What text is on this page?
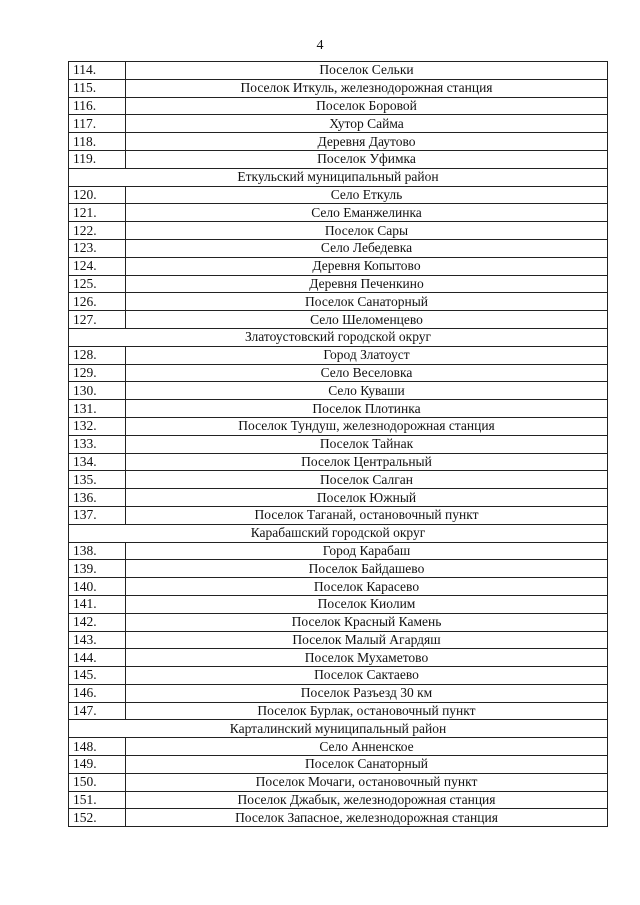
4
114.	Поселок Сельки
115.	Поселок Иткуль, железнодорожная станция
116.	Поселок Боровой
117.	Хутор Сайма
118.	Деревня Даутово
119.	Поселок Уфимка
Еткульский муниципальный район	
120.	Село Еткуль
121.	Село Еманжелинка
122.	Поселок Сары
123.	Село Лебедевка
124.	Деревня Копытово
125.	Деревня Печенкино
126.	Поселок Санаторный
127.	Село Шеломенцево
Златоустовский городской округ	
128.	Город Златоуст
129.	Село Веселовка
130.	Село Куваши
131.	Поселок Плотинка
132.	Поселок Тундуш, железнодорожная станция
133.	Поселок Тайнак
134.	Поселок Центральный
135.	Поселок Салган
136.	Поселок Южный
137.	Поселок Таганай, остановочный пункт
Карабашский городской округ	
138.	Город Карабаш
139.	Поселок Байдашево
140.	Поселок Карасево
141.	Поселок Киолим
142.	Поселок Красный Камень
143.	Поселок Малый Агардяш
144.	Поселок Мухаметово
145.	Поселок Сактаево
146.	Поселок Разъезд 30 км
147.	Поселок Бурлак, остановочный пункт
Карталинский муниципальный район	
148.	Село Анненское
149.	Поселок Санаторный
150.	Поселок Мочаги, остановочный пункт
151.	Поселок Джабык, железнодорожная станция
152.	Поселок Запасное, железнодорожная станция
